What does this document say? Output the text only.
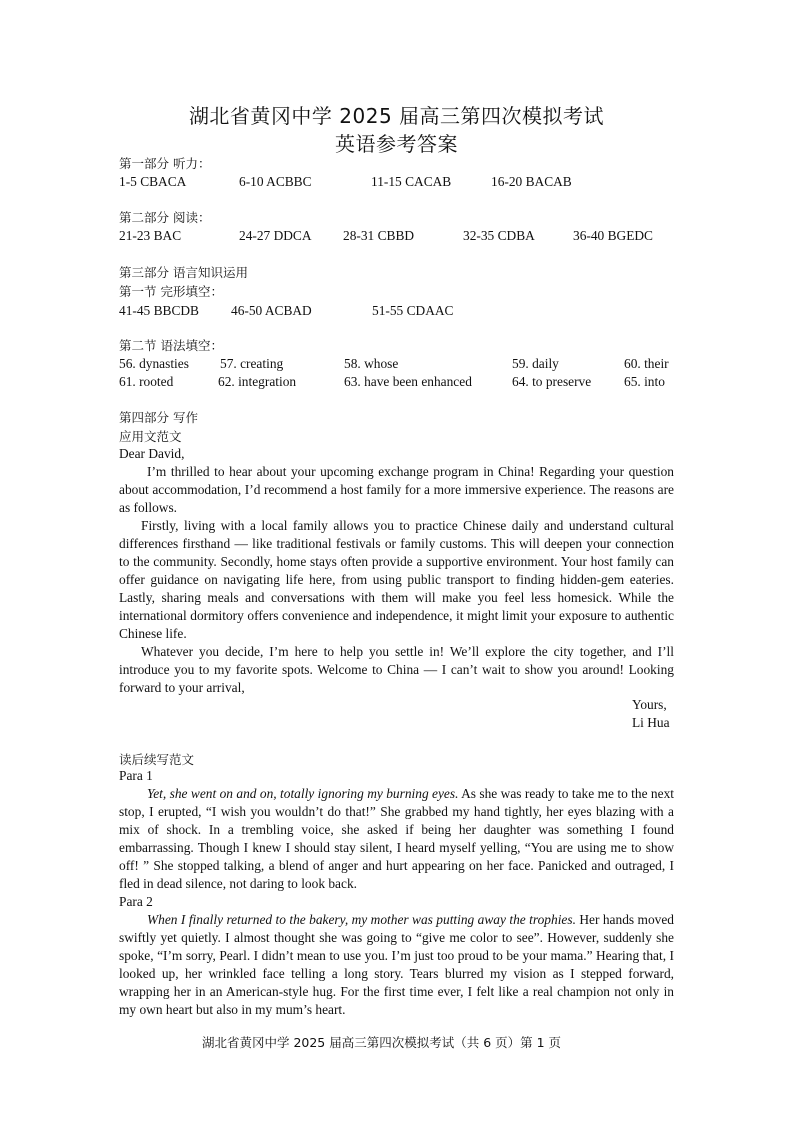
湖北省黄冈中学 2025 届高三第四次模拟考试
英语参考答案
第一部分 听力：
1-5 CBACA	6-10 ACBBC	11-15 CACAB	16-20 BACAB
第二部分 阅读：
21-23 BAC	24-27 DDCA 28-31 CBBD	32-35 CDBA	36-40 BGEDC
第三部分 语言知识运用
第一节 完形填空：
41-45 BBCDB 46-50 ACBAD	51-55 CDAAC
第二节 语法填空：
56. dynasties 57. creating	58. whose	59. daily	60. their
61. rooted	62. integration	63. have been enhanced	64. to preserve 65. into
第四部分 写作
应用文范文

Dear David,

I’m thrilled to hear about your upcoming exchange program in China! Regarding your question about accommodation, I’d recommend a host family for a more immersive experience. The reasons are as follows.

Firstly, living with a local family allows you to practice Chinese daily and understand cultural differences firsthand — like traditional festivals or family customs. This will deepen your connection to the community. Secondly, home stays often provide a supportive environment. Your host family can offer guidance on navigating life here, from using public transport to finding hidden-gem eateries. Lastly, sharing meals and conversations with them will make you feel less homesick. While the international dormitory offers convenience and independence, it might limit your exposure to authentic Chinese life.

Whatever you decide, I’m here to help you settle in! We’ll explore the city together, and I’ll introduce you to my favorite spots. Welcome to China — I can’t wait to show you around! Looking forward to your arrival,

Yours,
Li Hua
读后续写范文

Para 1

Yet, she went on and on, totally ignoring my burning eyes. As she was ready to take me to the next stop, I erupted, “I wish you wouldn’t do that!” She grabbed my hand tightly, her eyes blazing with a mix of shock. In a trembling voice, she asked if being her daughter was something I found embarrassing. Though I knew I should stay silent, I heard myself yelling, “You are using me to show off! ” She stopped talking, a blend of anger and hurt appearing on her face. Panicked and outraged, I fled in dead silence, not daring to look back.

Para 2

When I finally returned to the bakery, my mother was putting away the trophies. Her hands moved swiftly yet quietly. I almost thought she was going to “give me color to see”. However, suddenly she spoke, “I’m sorry, Pearl. I didn’t mean to use you. I’m just too proud to be your mama.” Hearing that, I looked up, her wrinkled face telling a long story. Tears blurred my vision as I stepped forward, wrapping her in an American-style hug. For the first time ever, I felt like a real champion not only in my own heart but also in my mum’s heart.

湖北省黄冈中学 2025 届高三第四次模拟考试（共 6 页）第 1 页
